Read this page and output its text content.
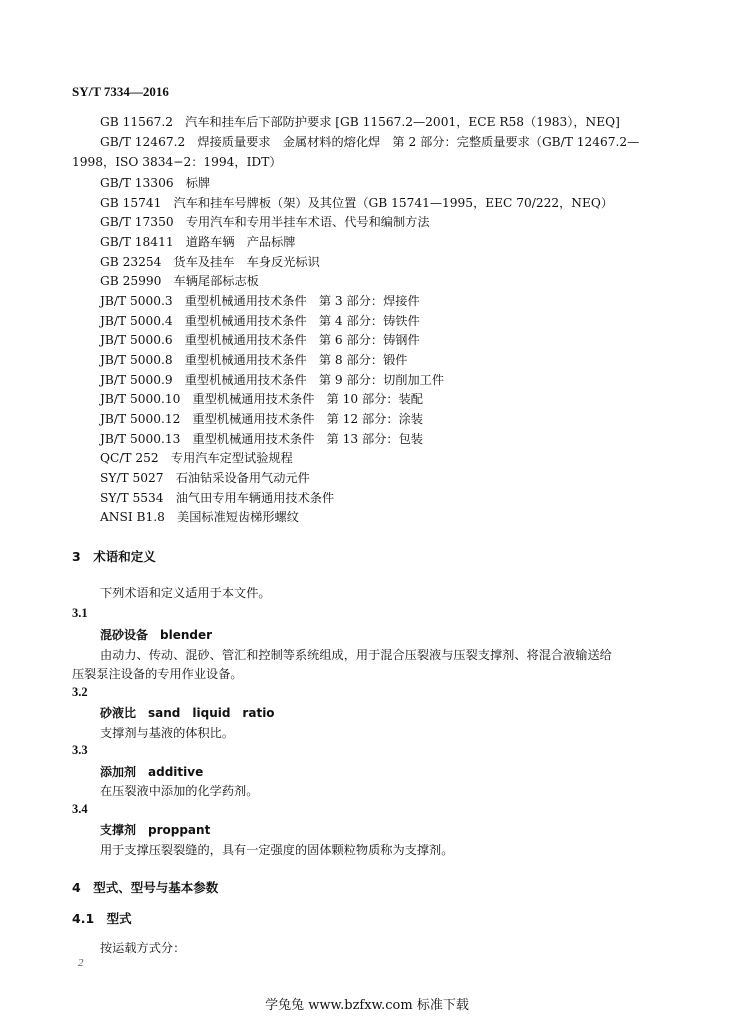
SY/T 7334—2016
GB 11567.2　汽车和挂车后下部防护要求 [GB 11567.2—2001，ECE R58（1983），NEQ]
GB/T 12467.2　焊接质量要求　金属材料的熔化焊　第 2 部分：完整质量要求（GB/T 12467.2—
1998，ISO 3834−2：1994，IDT）
GB/T 13306　标牌
GB 15741　汽车和挂车号牌板（架）及其位置（GB 15741—1995，EEC 70/222，NEQ）
GB/T 17350　专用汽车和专用半挂车术语、代号和编制方法
GB/T 18411　道路车辆　产品标牌
GB 23254　货车及挂车　车身反光标识
GB 25990　车辆尾部标志板
JB/T 5000.3　重型机械通用技术条件　第 3 部分：焊接件
JB/T 5000.4　重型机械通用技术条件　第 4 部分：铸铁件
JB/T 5000.6　重型机械通用技术条件　第 6 部分：铸钢件
JB/T 5000.8　重型机械通用技术条件　第 8 部分：锻件
JB/T 5000.9　重型机械通用技术条件　第 9 部分：切削加工件
JB/T 5000.10　重型机械通用技术条件　第 10 部分：装配
JB/T 5000.12　重型机械通用技术条件　第 12 部分：涂装
JB/T 5000.13　重型机械通用技术条件　第 13 部分：包装
QC/T 252　专用汽车定型试验规程
SY/T 5027　石油钻采设备用气动元件
SY/T 5534　油气田专用车辆通用技术条件
ANSI B1.8　美国标准短齿梯形螺纹
3　术语和定义
下列术语和定义适用于本文件。
3.1
混砂设备　blender
由动力、传动、混砂、管汇和控制等系统组成，用于混合压裂液与压裂支撑剂、将混合液输送给
压裂泵注设备的专用作业设备。
3.2
砂液比　sand　liquid　ratio
支撑剂与基液的体积比。
3.3
添加剂　additive
在压裂液中添加的化学药剂。
3.4
支撑剂　proppant
用于支撑压裂裂缝的，具有一定强度的固体颗粒物质称为支撑剂。
4　型式、型号与基本参数
4.1　型式
按运载方式分：
2
学兔兔 www.bzfxw.com 标准下载
